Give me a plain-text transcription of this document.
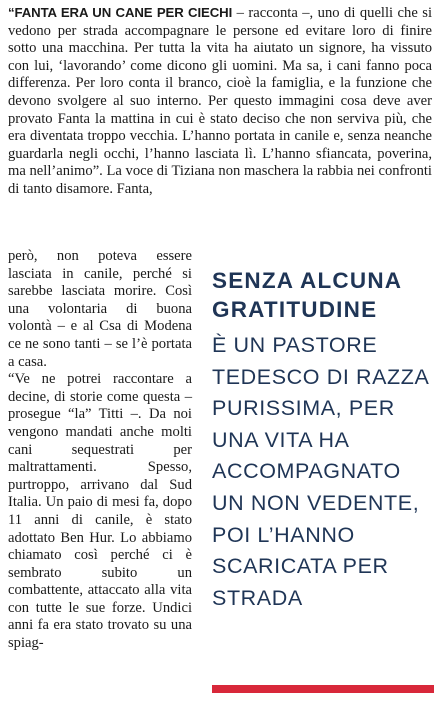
“FANTA ERA UN CANE PER CIECHI – racconta –, uno di quelli che si vedono per strada accompagnare le persone ed evitare loro di finire sotto una macchina. Per tutta la vita ha aiutato un signore, ha vissuto con lui, ‘lavorando’ come dicono gli uomini. Ma sa, i cani fanno poca differenza. Per loro conta il branco, cioè la famiglia, e la funzione che devono svolgere al suo interno. Per questo immagini cosa deve aver provato Fanta la mattina in cui è stato deciso che non serviva più, che era diventata troppo vecchia. L’hanno portata in canile e, senza neanche guardarla negli occhi, l’hanno lasciata lì. L’hanno sfiancata, poverina, ma nell’animo”. La voce di Tiziana non maschera la rabbia nei confronti di tanto disamore. Fanta,

però, non poteva essere lasciata in canile, perché si sarebbe lasciata morire. Così una volontaria di buona volontà – e al Csa di Modena ce ne sono tanti – se l’è portata a casa.

“Ve ne potrei raccontare a decine, di storie come questa – prosegue “la” Titti –. Da noi vengono mandati anche molti cani sequestrati per maltrattamenti. Spesso, purtroppo, arrivano dal Sud Italia. Un paio di mesi fa, dopo 11 anni di canile, è stato adottato Ben Hur. Lo abbiamo chiamato così perché ci è sembrato subito un combattente, attaccato alla vita con tutte le sue forze. Undici anni fa era stato trovato su una spiag-

SENZA ALCUNA GRATITUDINE
È UN PASTORE TEDESCO DI RAZZA PURISSIMA, PER UNA VITA HA ACCOMPAGNATO UN NON VEDENTE, POI L’HANNO SCARICATA PER STRADA
